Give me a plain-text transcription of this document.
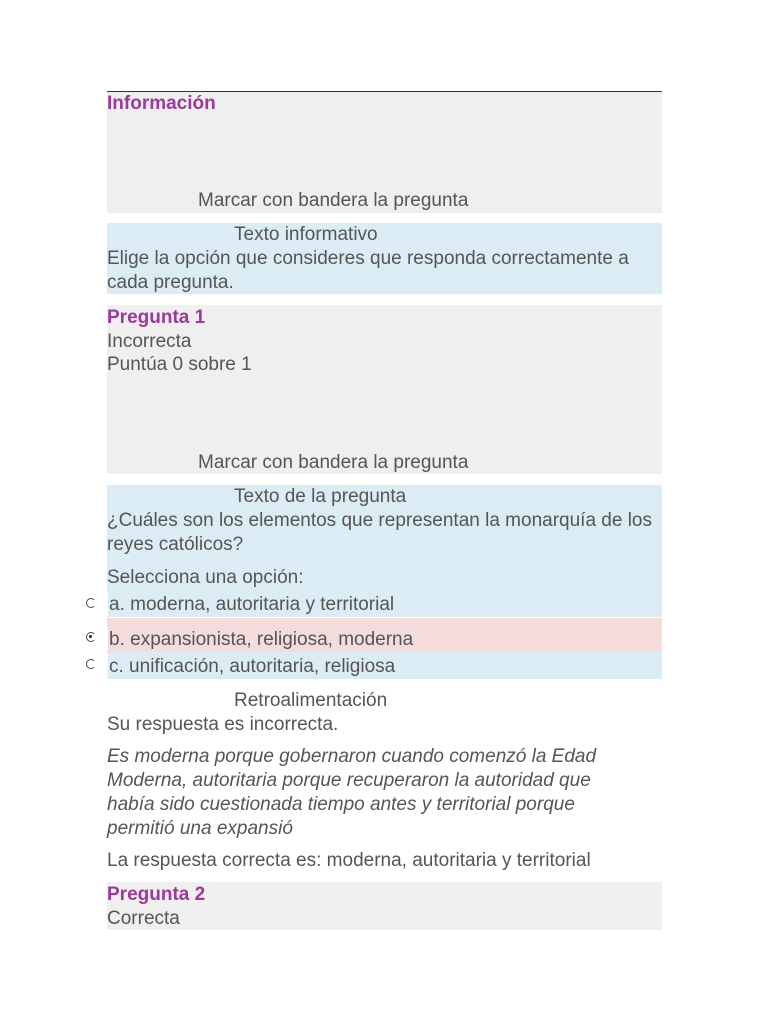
Información
Marcar con bandera la pregunta
Texto informativo
Elige la opción que consideres que responda correctamente a cada pregunta.
Pregunta 1
Incorrecta
Puntúa 0 sobre 1
Marcar con bandera la pregunta
Texto de la pregunta
¿Cuáles son los elementos que representan la monarquía de los reyes católicos?
Selecciona una opción:
a. moderna, autoritaria y territorial
b. expansionista, religiosa, moderna
c. unificación, autoritaria, religiosa
Retroalimentación
Su respuesta es incorrecta.
Es moderna porque gobernaron cuando comenzó la Edad Moderna, autoritaria porque recuperaron la autoridad que había sido cuestionada tiempo antes y territorial porque permitió una expansió
La respuesta correcta es: moderna, autoritaria y territorial
Pregunta 2
Correcta
